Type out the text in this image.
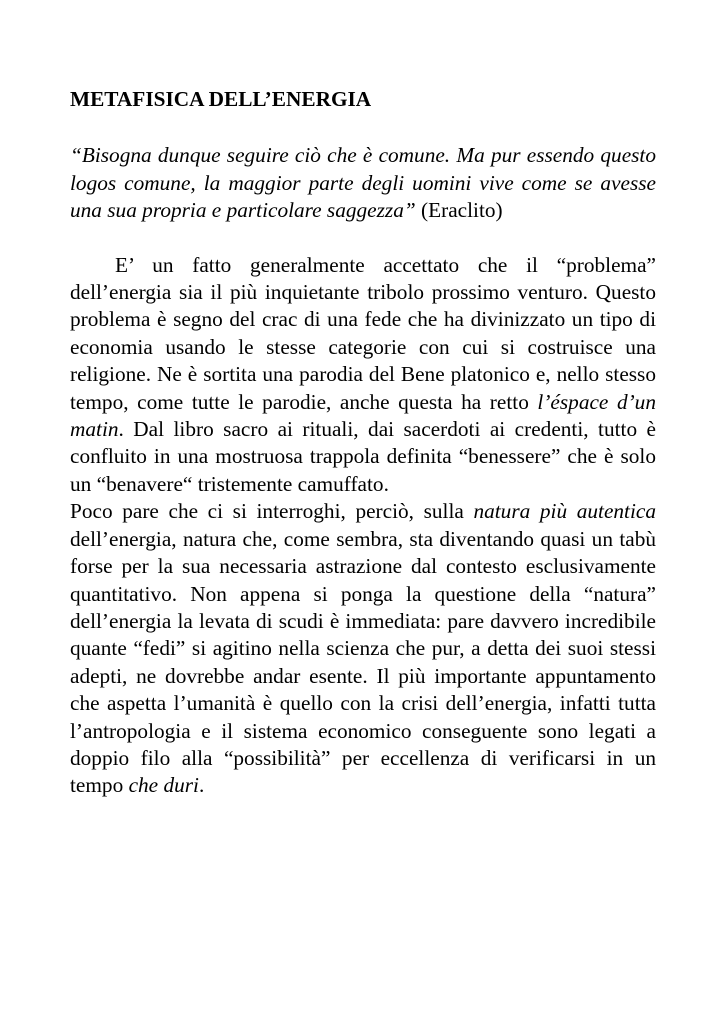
METAFISICA DELL’ENERGIA

“Bisogna dunque seguire ciò che è comune. Ma pur essendo questo logos comune, la maggior parte degli uomini vive come se avesse una sua propria e particolare saggezza” (Eraclito)

E’ un fatto generalmente accettato che il “problema” dell’energia sia il più inquietante tribolo prossimo venturo. Questo problema è segno del crac di una fede che ha divinizzato un tipo di economia usando le stesse categorie con cui si costruisce una religione. Ne è sortita una parodia del Bene platonico e, nello stesso tempo, come tutte le parodie, anche questa ha retto l’éspace d’un matin. Dal libro sacro ai rituali, dai sacerdoti ai credenti, tutto è confluito in una mostruosa trappola definita “benessere” che è solo un “benavere“ tristemente camuffato.

Poco pare che ci si interroghi, perciò, sulla natura più autentica dell’energia, natura che, come sembra, sta diventando quasi un tabù forse per la sua necessaria astrazione dal contesto esclusivamente quantitativo. Non appena si ponga la questione della “natura” dell’energia la levata di scudi è immediata: pare davvero incredibile quante “fedi” si agitino nella scienza che pur, a detta dei suoi stessi adepti, ne dovrebbe andar esente. Il più importante appuntamento che aspetta l’umanità è quello con la crisi dell’energia, infatti tutta l’antropologia e il sistema economico conseguente sono legati a doppio filo alla “possibilità” per eccellenza di verificarsi in un tempo che duri.
